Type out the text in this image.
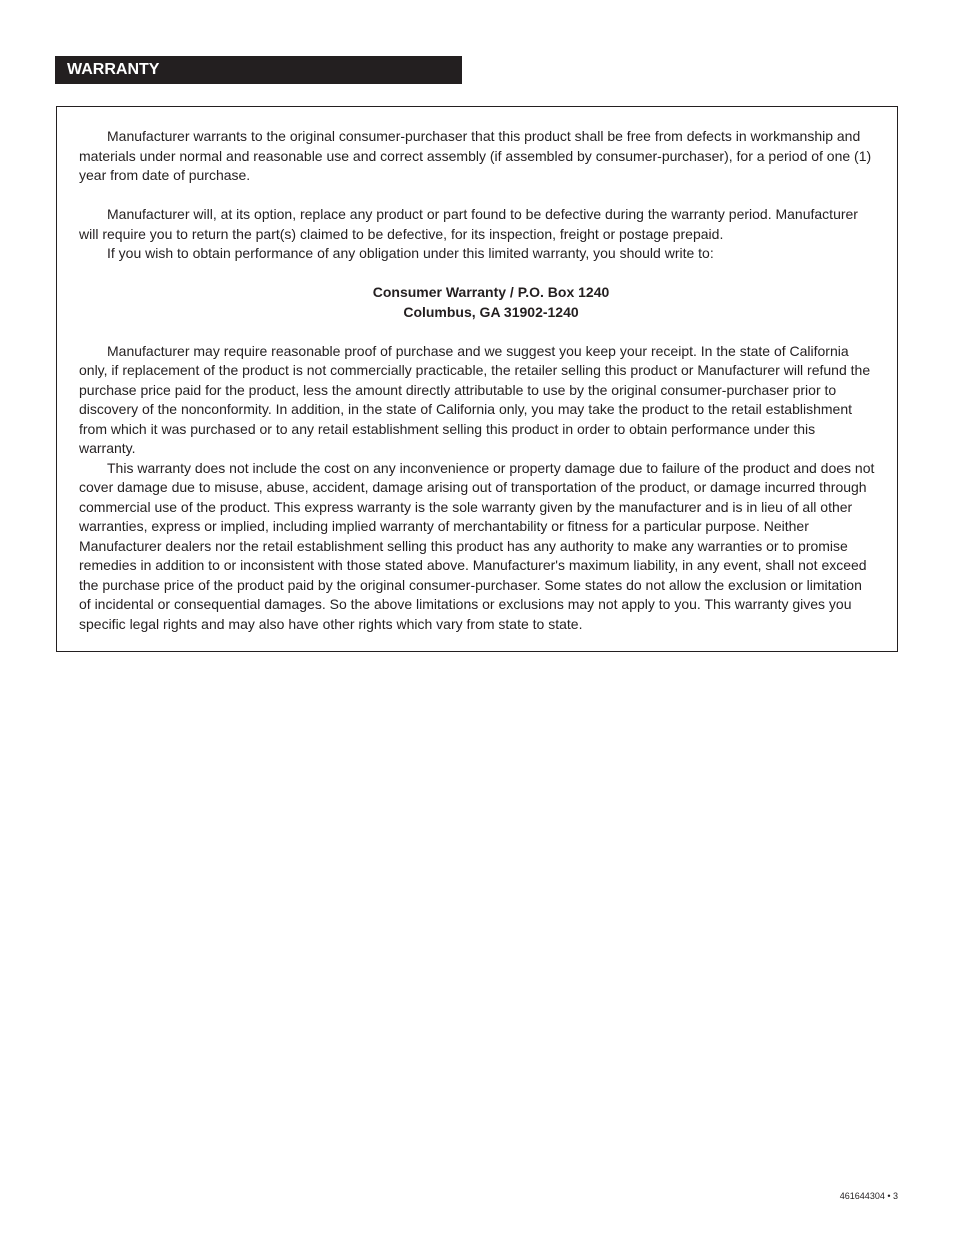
WARRANTY

Manufacturer warrants to the original consumer-purchaser that this product shall be free from defects in workmanship and materials under normal and reasonable use and correct assembly (if assembled by consumer-purchaser), for a period of one (1) year from date of purchase.

Manufacturer will, at its option, replace any product or part found to be defective during the warranty period. Manufacturer will require you to return the part(s) claimed to be defective, for its inspection, freight or postage prepaid.

If you wish to obtain performance of any obligation under this limited warranty, you should write to:

Consumer Warranty / P.O. Box 1240

Columbus, GA 31902-1240

Manufacturer may require reasonable proof of purchase and we suggest you keep your receipt. In the state of California only, if replacement of the product is not commercially practicable, the retailer selling this product or Manufacturer will refund the purchase price paid for the product, less the amount directly attributable to use by the original consumer-purchaser prior to discovery of the nonconformity. In addition, in the state of California only, you may take the product to the retail establishment from which it was purchased or to any retail establishment selling this product in order to obtain performance under this warranty.

This warranty does not include the cost on any inconvenience or property damage due to failure of the product and does not cover damage due to misuse, abuse, accident, damage arising out of transportation of the product, or damage incurred through commercial use of the product. This express warranty is the sole warranty given by the manufacturer and is in lieu of all other warranties, express or implied, including implied warranty of merchantability or fitness for a particular purpose. Neither Manufacturer dealers nor the retail establishment selling this product has any authority to make any warranties or to promise remedies in addition to or inconsistent with those stated above. Manufacturer's maximum liability, in any event, shall not exceed the purchase price of the product paid by the original consumer-purchaser. Some states do not allow the exclusion or limitation of incidental or consequential damages. So the above limitations or exclusions may not apply to you. This warranty gives you specific legal rights and may also have other rights which vary from state to state.

461644304 • 3
